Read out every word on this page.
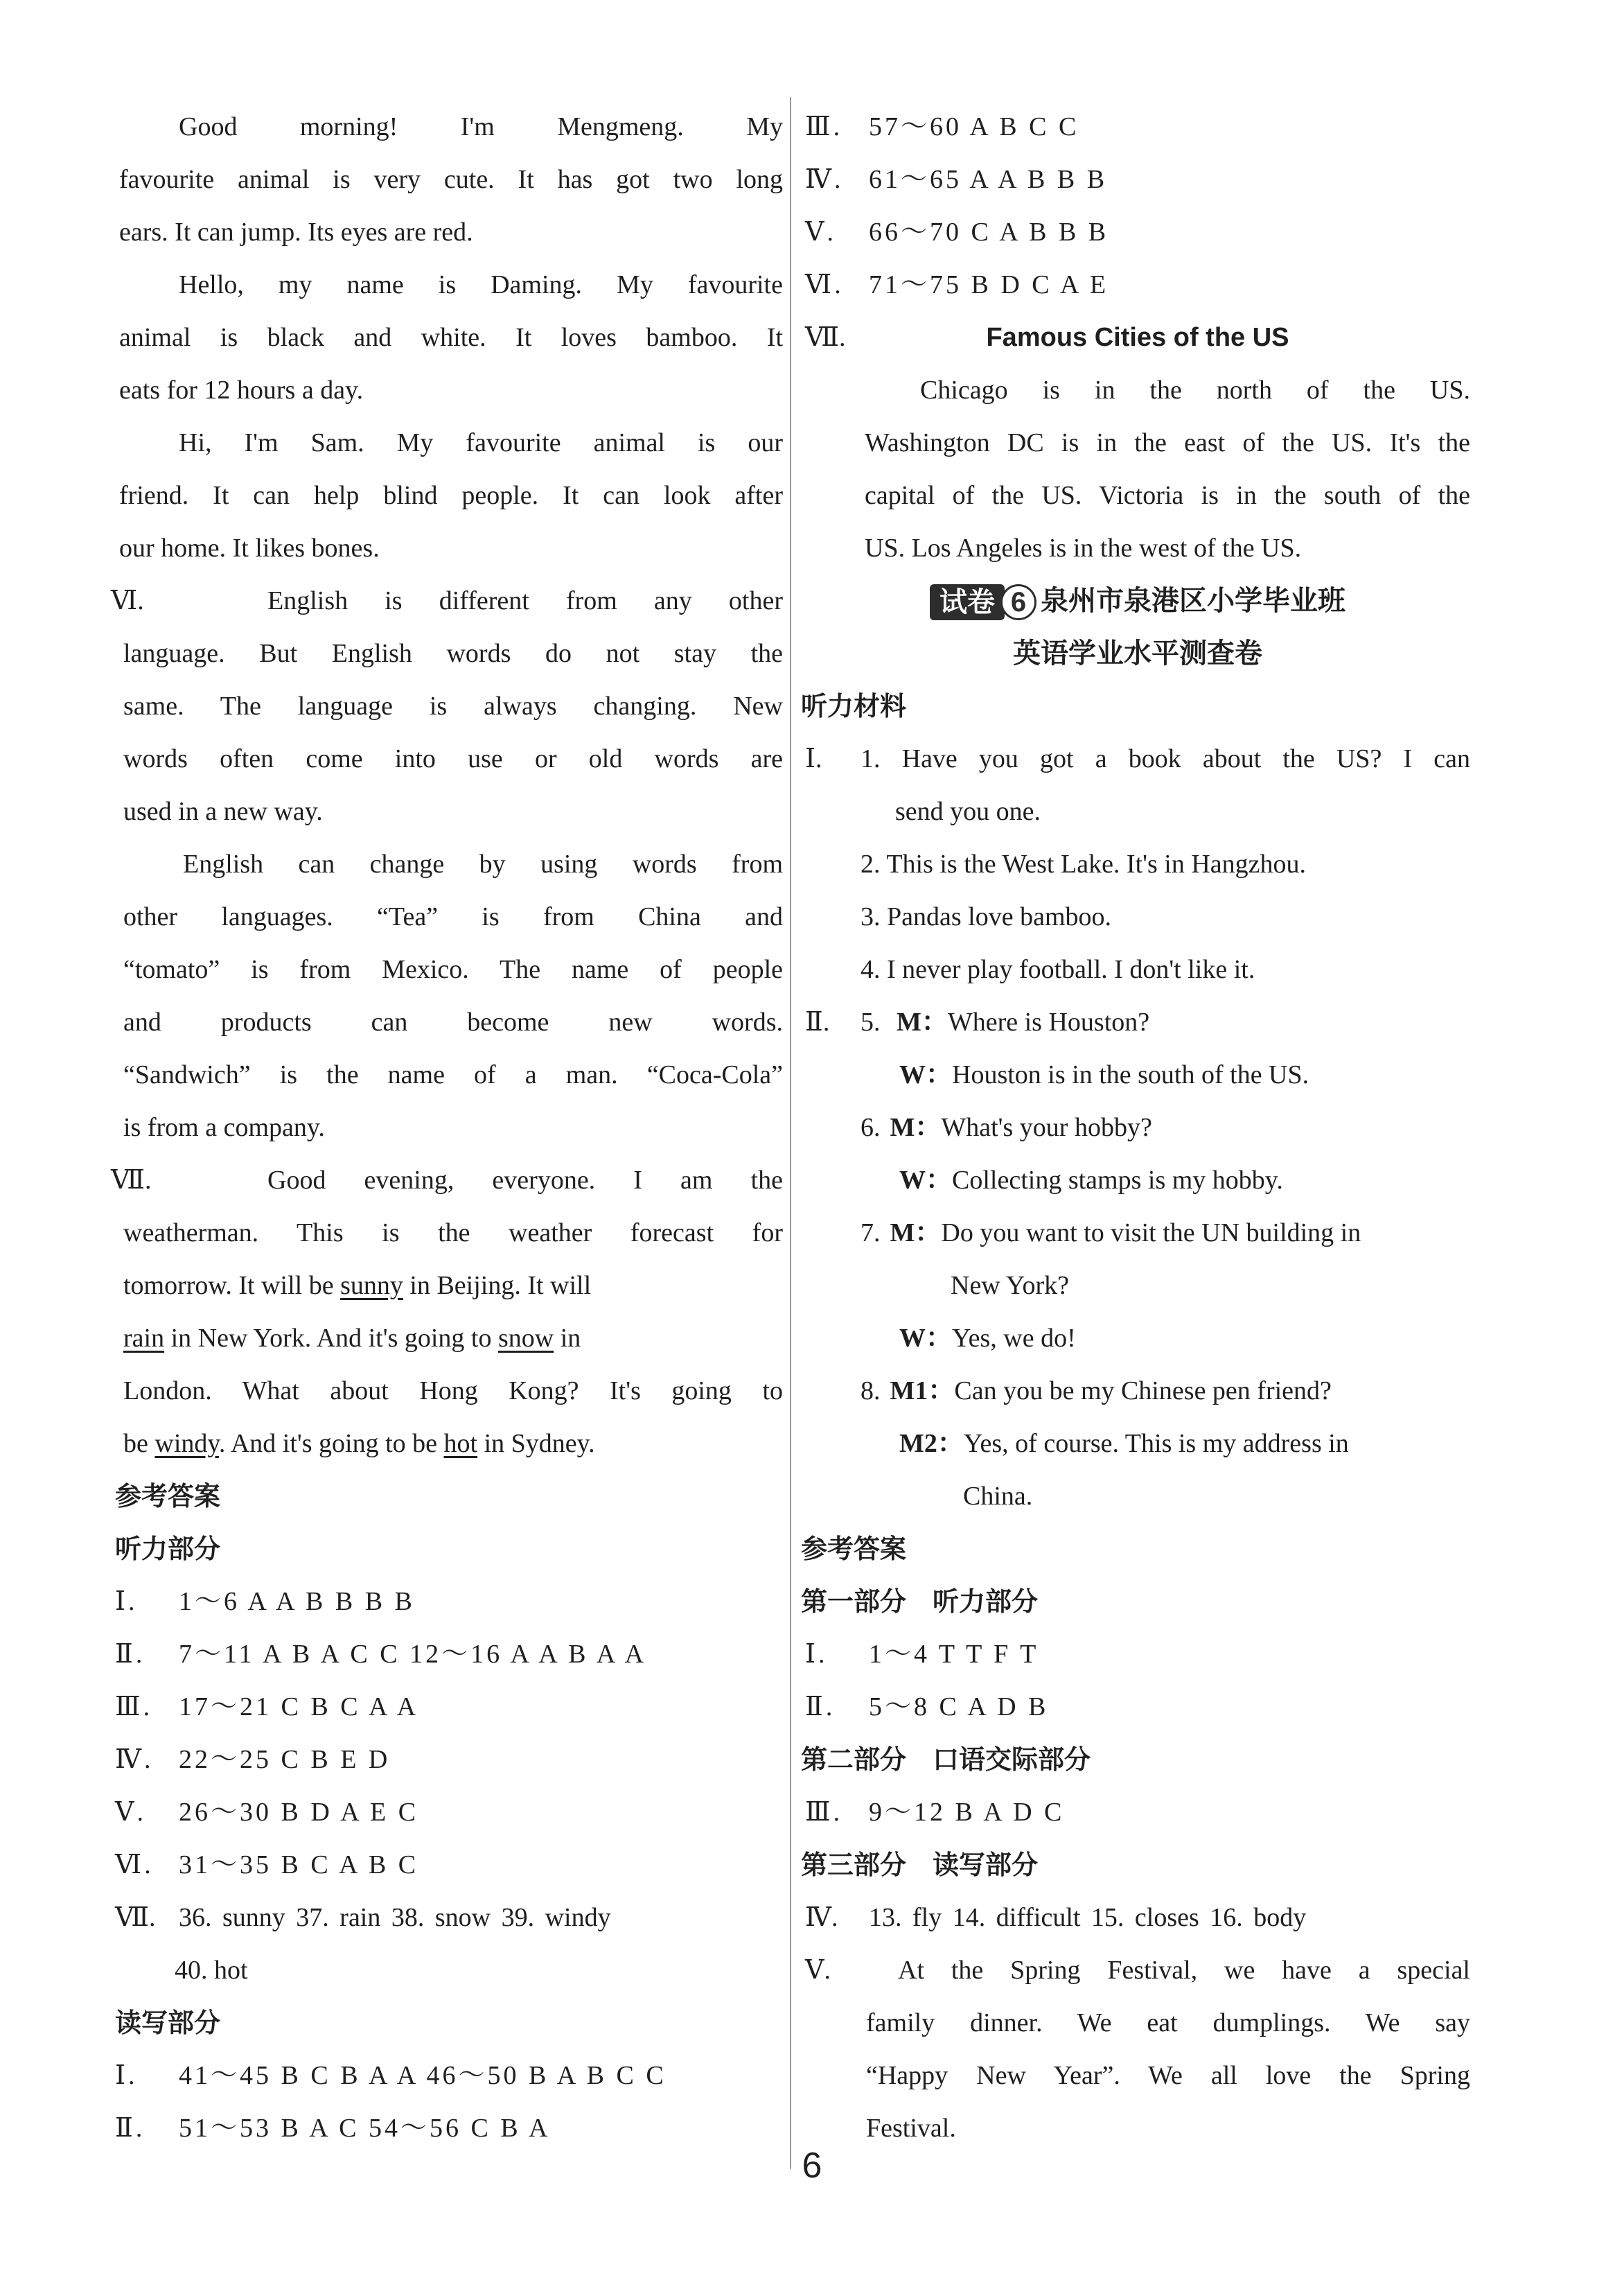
Good morning! I'm Mengmeng. My
favourite animal is very cute. It has got two long
ears. It can jump. Its eyes are red.
Hello, my name is Daming. My favourite
animal is black and white. It loves bamboo. It
eats for 12 hours a day.
Hi, I'm Sam. My favourite animal is our
friend. It can help blind people. It can look after
our home. It likes bones.
Ⅵ.	English is different from any other
language. But English words do not stay the
same. The language is always changing. New
words often come into use or old words are
used in a new way.
English can change by using words from
other languages. “Tea” is from China and
“tomato” is from Mexico. The name of people
and products can become new words.
“Sandwich” is the name of a man. “Coca-Cola”
is from a company.
Ⅶ.	Good evening, everyone. I am the
weatherman. This is the weather forecast for
tomorrow. It will be sunny in Beijing. It will
rain in New York. And it's going to snow in
London. What about Hong Kong? It's going to
be windy. And it's going to be hot in Sydney.
参考答案
听力部分
Ⅰ. 1～6 A A B B B B
Ⅱ. 7～11 A B A C C 12～16 A A B A A
Ⅲ. 17～21 C B C A A
Ⅳ. 22～25 C B E D
Ⅴ. 26～30 B D A E C
Ⅵ. 31～35 B C A B C
Ⅶ. 36. sunny 37. rain 38. snow 39. windy
40. hot
读写部分
Ⅰ. 41～45 B C B A A 46～50 B A B C C
Ⅱ. 51～53 B A C 54～56 C B A
Ⅲ. 57～60 A B C C
Ⅳ. 61～65 A A B B B
Ⅴ. 66～70 C A B B B
Ⅵ. 71～75 B D C A E
Ⅶ.	Famous Cities of the US
Chicago is in the north of the US.
Washington DC is in the east of the US. It's the
capital of the US. Victoria is in the south of the
US. Los Angeles is in the west of the US.
试卷 6 泉州市泉港区小学毕业班
英语学业水平测查卷
听力材料
Ⅰ.	1. Have you got a book about the US? I can
send you one.
2. This is the West Lake. It's in Hangzhou.
3. Pandas love bamboo.
4. I never play football. I don't like it.
Ⅱ. 5. M：Where is Houston?
W：Houston is in the south of the US.
6. M：What's your hobby?
W：Collecting stamps is my hobby.
7. M：Do you want to visit the UN building in
New York?
W：Yes, we do!
8. M1：Can you be my Chinese pen friend?
M2：Yes, of course. This is my address in
China.
参考答案
第一部分　听力部分
Ⅰ. 1～4 T T F T
Ⅱ. 5～8 C A D B
第二部分　口语交际部分
Ⅲ. 9～12 B A D C
第三部分　读写部分
Ⅳ. 13. fly 14. difficult 15. closes 16. body
Ⅴ.	At the Spring Festival, we have a special
family dinner. We eat dumplings. We say
“Happy New Year”. We all love the Spring
Festival.
6
